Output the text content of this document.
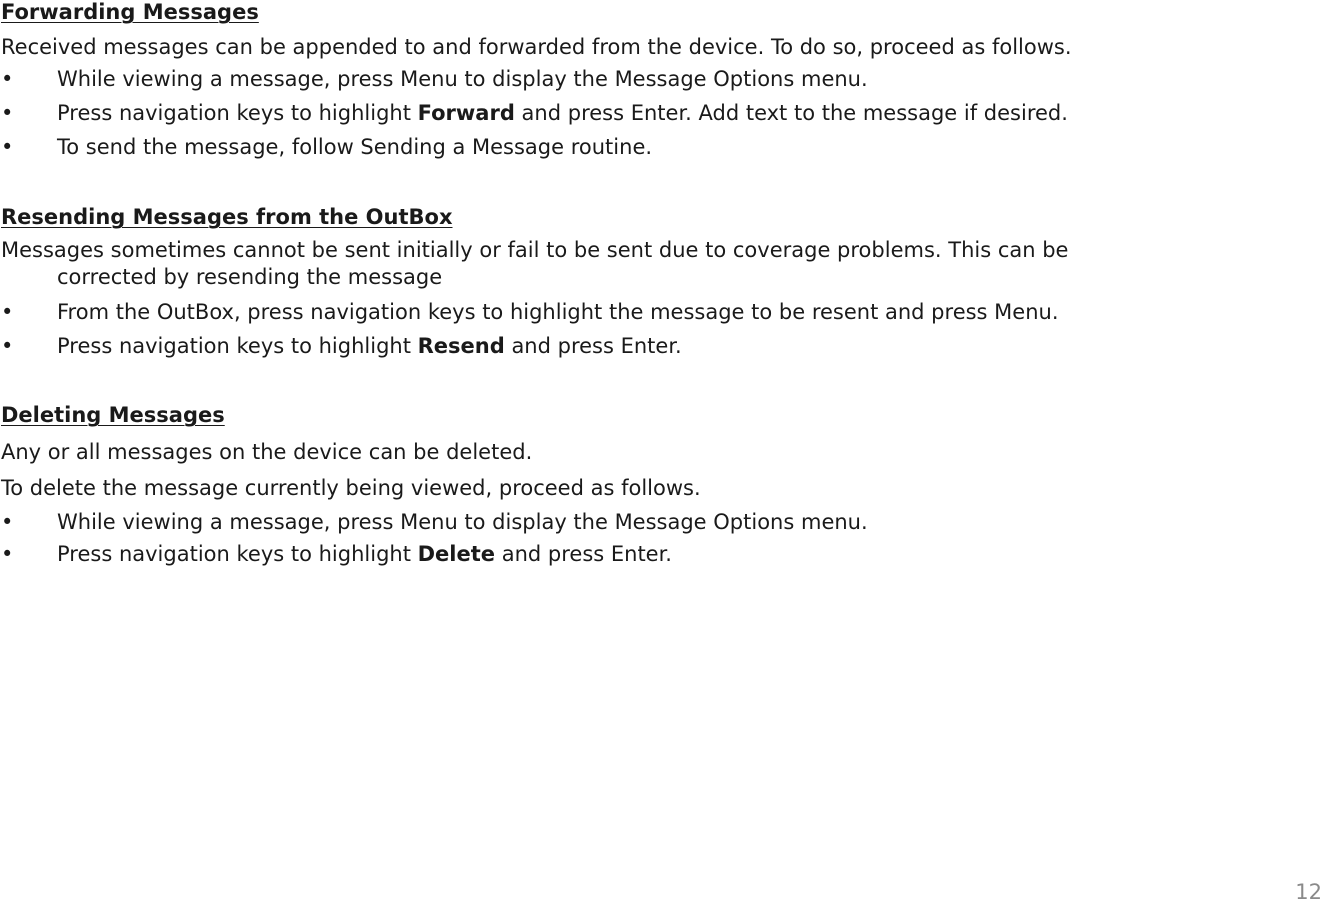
Forwarding Messages
Received messages can be appended to and forwarded from the device. To do so, proceed as follows.
• While viewing a message, press Menu to display the Message Options menu.
• Press navigation keys to highlight Forward and press Enter. Add text to the message if desired.
• To send the message, follow Sending a Message routine.
Resending Messages from the OutBox
Messages sometimes cannot be sent initially or fail to be sent due to coverage problems. This can be
corrected by resending the message
• From the OutBox, press navigation keys to highlight the message to be resent and press Menu.
• Press navigation keys to highlight Resend and press Enter.
Deleting Messages
Any or all messages on the device can be deleted.
To delete the message currently being viewed, proceed as follows.
• While viewing a message, press Menu to display the Message Options menu.
• Press navigation keys to highlight Delete and press Enter.
12
